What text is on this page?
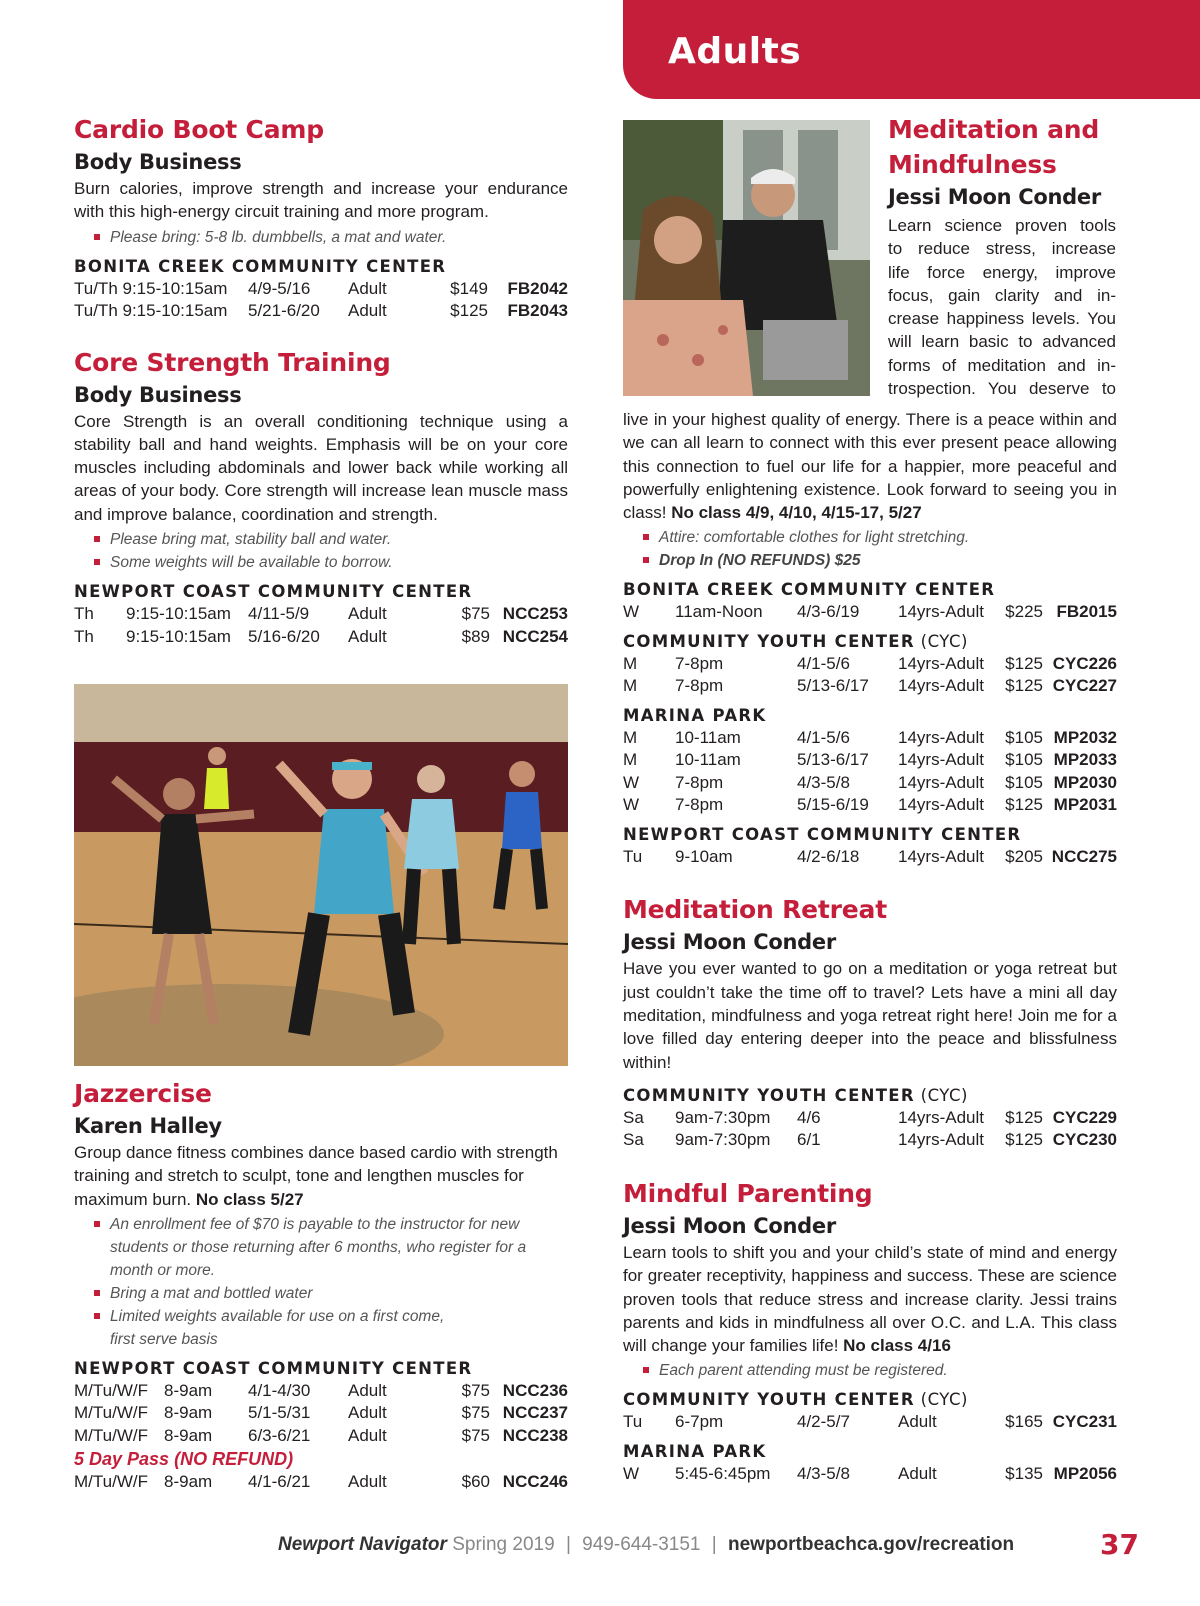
Adults
Cardio Boot Camp
Body Business

Burn calories, improve strength and increase your endurance with this high-energy circuit training and more program.

Please bring: 5-8 lb. dumbbells, a mat and water.
BONITA CREEK COMMUNITY CENTER
Tu/Th 9:15-10:15am	4/9-5/16	Adult	$149	FB2042
Tu/Th 9:15-10:15am	5/21-6/20	Adult	$125	FB2043
Core Strength Training
Body Business

Core Strength is an overall conditioning technique using a stability ball and hand weights. Emphasis will be on your core muscles including abdominals and lower back while working all areas of your body. Core strength will increase lean muscle mass and improve balance, coordination and strength.

Please bring mat, stability ball and water.
Some weights will be available to borrow.
NEWPORT COAST COMMUNITY CENTER
Th	9:15-10:15am	4/11-5/9	Adult	$75 NCC253
Th	9:15-10:15am	5/16-6/20	Adult	$89 NCC254
Jazzercise
Karen Halley

Group dance fitness combines dance based cardio with strength training and stretch to sculpt, tone and lengthen muscles for maximum burn. No class 5/27

An enrollment fee of $70 is payable to the instructor for new students or those returning after 6 months, who register for a month or more.
Bring a mat and bottled water
Limited weights available for use on a first come, first serve basis
NEWPORT COAST COMMUNITY CENTER
M/Tu/W/F 8-9am	4/1-4/30	Adult	$75 NCC236
M/Tu/W/F 8-9am	5/1-5/31	Adult	$75 NCC237
M/Tu/W/F 8-9am	6/3-6/21	Adult	$75 NCC238
5 Day Pass (NO REFUND)
M/Tu/W/F 8-9am	4/1-6/21	Adult	$60 NCC246
Meditation and
Mindfulness
Jessi Moon Conder

Learn science proven tools
to reduce stress, increase
life force energy, improve
focus, gain clarity and in-
crease happiness levels. You
will learn basic to advanced
forms of meditation and in-
trospection. You deserve to

live in your highest quality of energy. There is a peace within and we can all learn to connect with this ever present peace allowing this connection to fuel our life for a happier, more peaceful and powerfully enlightening existence. Look forward to seeing you in class! No class 4/9, 4/10, 4/15-17, 5/27

Attire: comfortable clothes for light stretching.
Drop In (NO REFUNDS) $25
BONITA CREEK COMMUNITY CENTER
W	11am-Noon	4/3-6/19	14yrs-Adult	$225 FB2015
COMMUNITY YOUTH CENTER (CYC)
M	7-8pm	4/1-5/6	14yrs-Adult	$125 CYC226
M	7-8pm	5/13-6/17	14yrs-Adult	$125 CYC227
MARINA PARK
M	10-11am	4/1-5/6	14yrs-Adult	$105 MP2032
M	10-11am	5/13-6/17	14yrs-Adult	$105 MP2033
W	7-8pm	4/3-5/8	14yrs-Adult	$105 MP2030
W	7-8pm	5/15-6/19	14yrs-Adult	$125 MP2031
NEWPORT COAST COMMUNITY CENTER
Tu	9-10am	4/2-6/18	14yrs-Adult	$205 NCC275
Meditation Retreat
Jessi Moon Conder

Have you ever wanted to go on a meditation or yoga retreat but just couldn’t take the time off to travel? Lets have a mini all day meditation, mindfulness and yoga retreat right here! Join me for a love filled day entering deeper into the peace and blissfulness within!

COMMUNITY YOUTH CENTER (CYC)
Sa	9am-7:30pm	4/6	14yrs-Adult	$125 CYC229
Sa	9am-7:30pm	6/1	14yrs-Adult	$125 CYC230
Mindful Parenting
Jessi Moon Conder

Learn tools to shift you and your child’s state of mind and energy for greater receptivity, happiness and success. These are science proven tools that reduce stress and increase clarity. Jessi trains parents and kids in mindfulness all over O.C. and L.A. This class will change your families life! No class 4/16

Each parent attending must be registered.
COMMUNITY YOUTH CENTER (CYC)
Tu	6-7pm	4/2-5/7	Adult	$165 CYC231
MARINA PARK
W	5:45-6:45pm	4/3-5/8	Adult	$135 MP2056
Newport Navigator Spring 2019 | 949-644-3151 | newportbeachca.gov/recreation	37
